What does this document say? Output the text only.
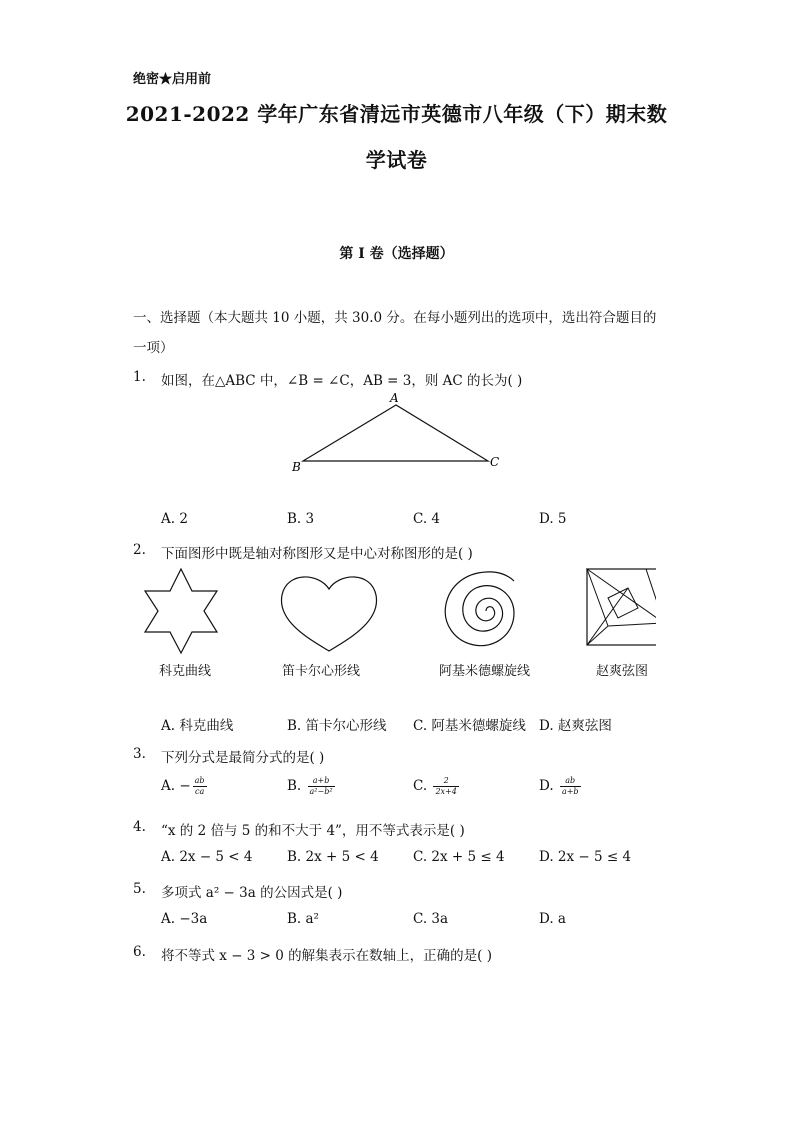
绝密★启用前
2021-2022 学年广东省清远市英德市八年级（下）期末数
学试卷
第 I 卷（选择题）
一、选择题（本大题共 10 小题，共 30.0 分。在每小题列出的选项中，选出符合题目的
一项）
1. 如图，在△ABC 中，∠B = ∠C，AB = 3，则 AC 的长为( )
A
B	C
A. 2	B. 3	C. 4	D. 5
2. 下面图形中既是轴对称图形又是中心对称图形的是( )
科克曲线	笛卡尔心形线	阿基米德螺旋线	赵爽弦图
A. 科克曲线	B. 笛卡尔心形线 C. 阿基米德螺旋线 D. 赵爽弦图
3. 下列分式是最简分式的是( )
A. − $\frac{ab}{ca}$	B. $\frac{a+b}{\text{a²−b²}}$	C. $\frac{2}{2x+4}$	D. $\frac{ab}{a+b}$
4. “x 的 2 倍与 5 的和不大于 4”，用不等式表示是( )
A. 2x − 5 < 4	B. 2x + 5 < 4	C. 2x + 5 ≤ 4	D. 2x − 5 ≤ 4
5. 多项式 a² − 3a 的公因式是( )
A. −3a	B. a²	C. 3a	D. a
6. 将不等式 x − 3 > 0 的解集表示在数轴上，正确的是( )
